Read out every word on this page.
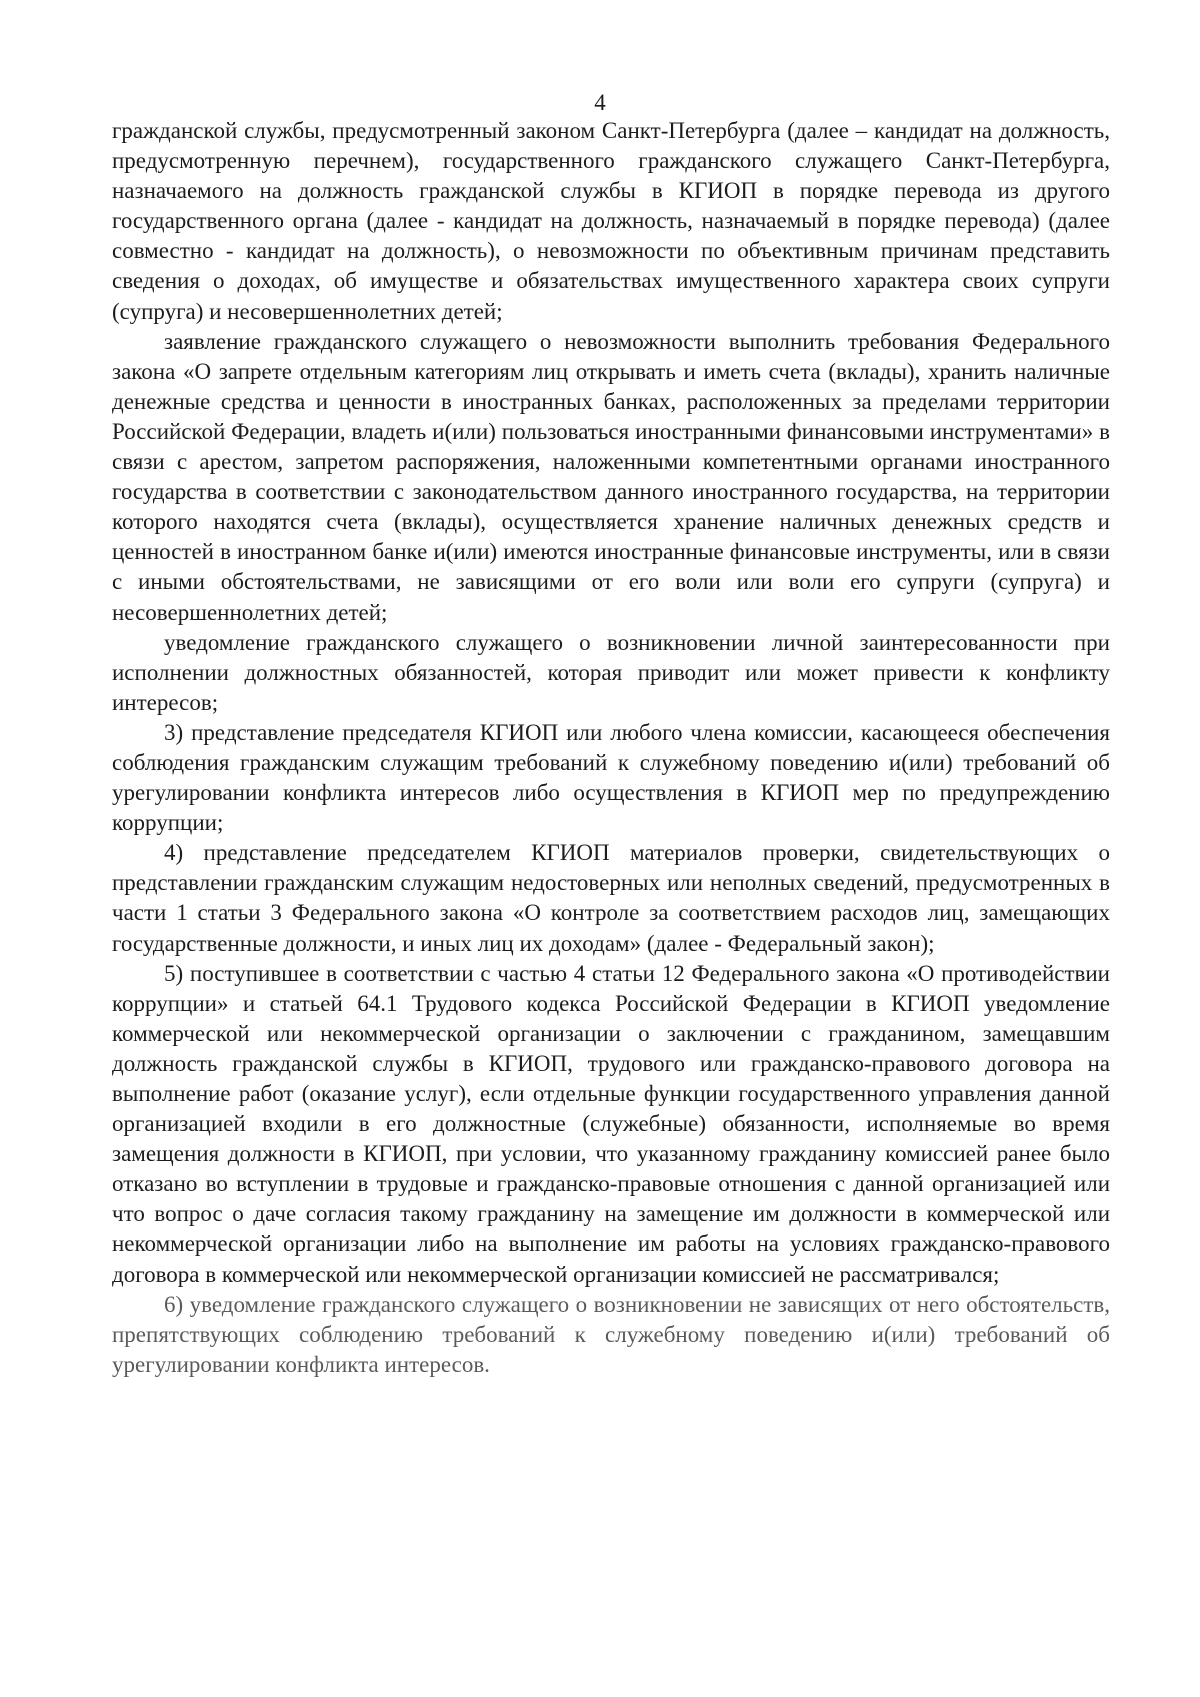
4

гражданской службы, предусмотренный законом Санкт-Петербурга (далее – кандидат на должность, предусмотренную перечнем), государственного гражданского служащего Санкт-Петербурга, назначаемого на должность гражданской службы в КГИОП в порядке перевода из другого государственного органа (далее - кандидат на должность, назначаемый в порядке перевода) (далее совместно - кандидат на должность), о невозможности по объективным причинам представить сведения о доходах, об имуществе и обязательствах имущественного характера своих супруги (супруга) и несовершеннолетних детей;

заявление гражданского служащего о невозможности выполнить требования Федерального закона «О запрете отдельным категориям лиц открывать и иметь счета (вклады), хранить наличные денежные средства и ценности в иностранных банках, расположенных за пределами территории Российской Федерации, владеть и(или) пользоваться иностранными финансовыми инструментами» в связи с арестом, запретом распоряжения, наложенными компетентными органами иностранного государства в соответствии с законодательством данного иностранного государства, на территории которого находятся счета (вклады), осуществляется хранение наличных денежных средств и ценностей в иностранном банке и(или) имеются иностранные финансовые инструменты, или в связи с иными обстоятельствами, не зависящими от его воли или воли его супруги (супруга) и несовершеннолетних детей;

уведомление гражданского служащего о возникновении личной заинтересованности при исполнении должностных обязанностей, которая приводит или может привести к конфликту интересов;

3) представление председателя КГИОП или любого члена комиссии, касающееся обеспечения соблюдения гражданским служащим требований к служебному поведению и(или) требований об урегулировании конфликта интересов либо осуществления в КГИОП мер по предупреждению коррупции;

4) представление председателем КГИОП материалов проверки, свидетельствующих о представлении гражданским служащим недостоверных или неполных сведений, предусмотренных в части 1 статьи 3 Федерального закона «О контроле за соответствием расходов лиц, замещающих государственные должности, и иных лиц их доходам» (далее - Федеральный закон);

5) поступившее в соответствии с частью 4 статьи 12 Федерального закона «О противодействии коррупции» и статьей 64.1 Трудового кодекса Российской Федерации в КГИОП уведомление коммерческой или некоммерческой организации о заключении с гражданином, замещавшим должность гражданской службы в КГИОП, трудового или гражданско-правового договора на выполнение работ (оказание услуг), если отдельные функции государственного управления данной организацией входили в его должностные (служебные) обязанности, исполняемые во время замещения должности в КГИОП, при условии, что указанному гражданину комиссией ранее было отказано во вступлении в трудовые и гражданско-правовые отношения с данной организацией или что вопрос о даче согласия такому гражданину на замещение им должности в коммерческой или некоммерческой организации либо на выполнение им работы на условиях гражданско-правового договора в коммерческой или некоммерческой организации комиссией не рассматривался;

6) уведомление гражданского служащего о возникновении не зависящих от него обстоятельств, препятствующих соблюдению требований к служебному поведению и(или) требований об урегулировании конфликта интересов.
